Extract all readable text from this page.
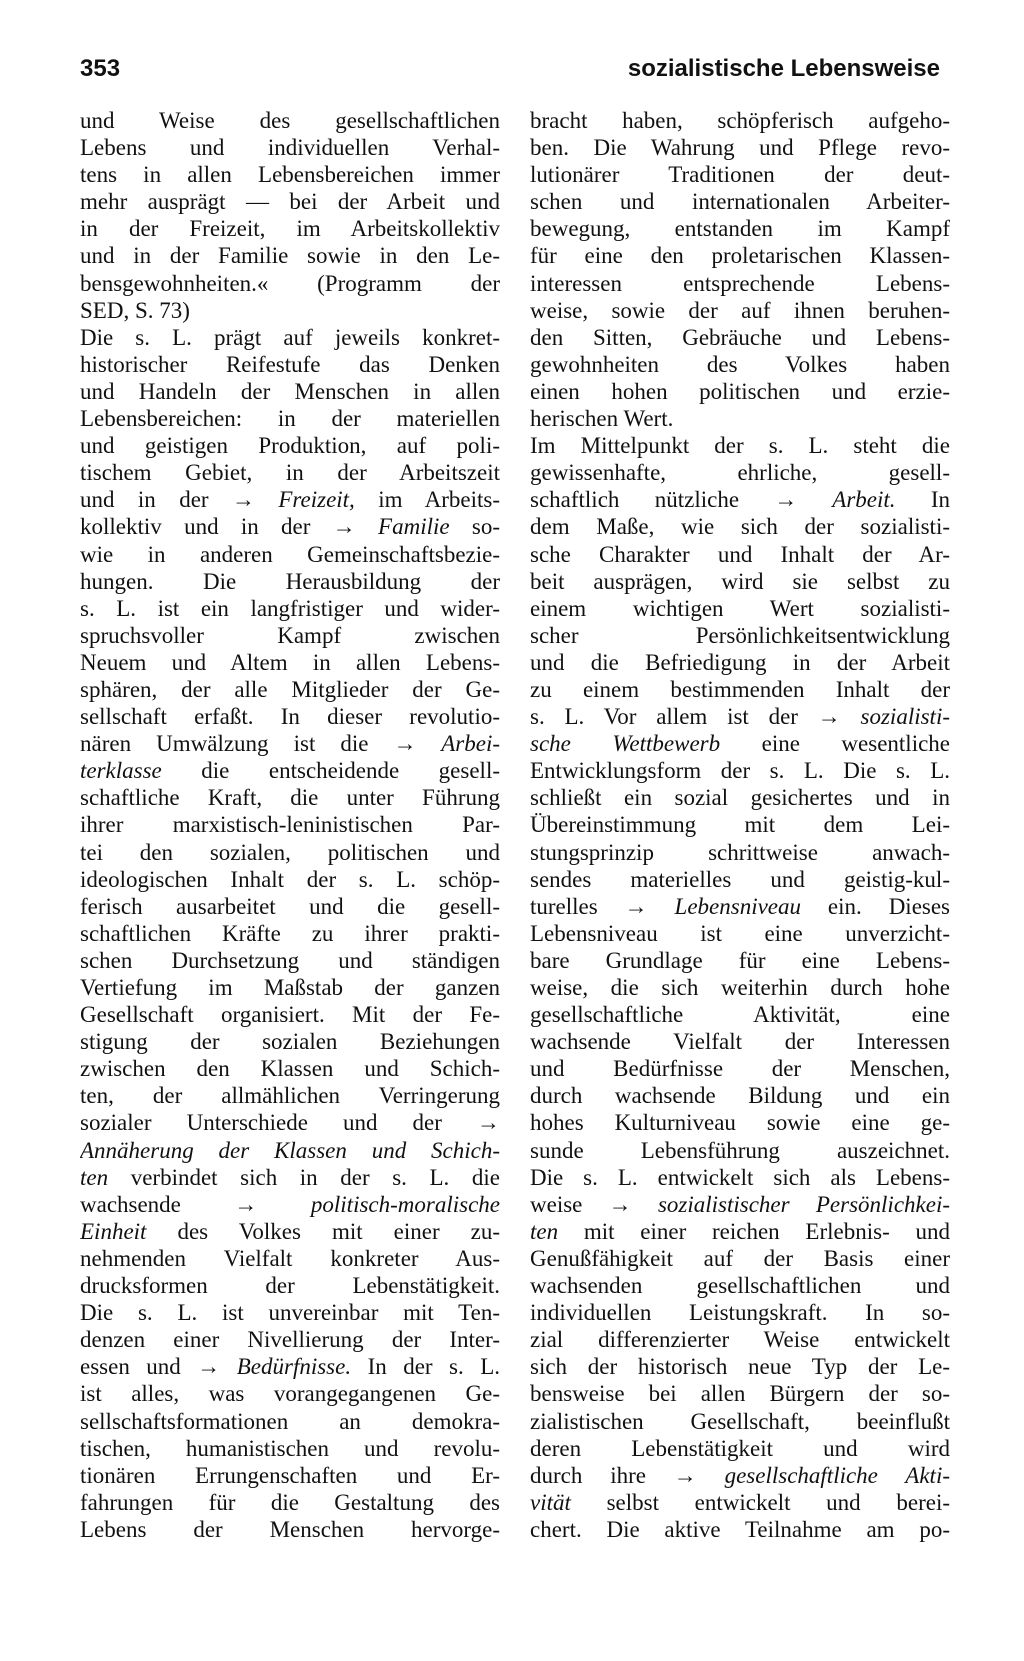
353	sozialistische Lebensweise
und Weise des gesellschaftlichen
Lebens und individuellen Verhal-
tens in allen Lebensbereichen immer
mehr ausprägt — bei der Arbeit und
in der Freizeit, im Arbeitskollektiv
und in der Familie sowie in den Le-
bensgewohnheiten.« (Programm der
SED, S. 73)
Die s. L. prägt auf jeweils konkret-
historischer Reifestufe das Denken
und Handeln der Menschen in allen
Lebensbereichen: in der materiellen
und geistigen Produktion, auf poli-
tischem Gebiet, in der Arbeitszeit
und in der → Freizeit, im Arbeits-
kollektiv und in der → Familie so-
wie in anderen Gemeinschaftsbezie-
hungen. Die Herausbildung der
s. L. ist ein langfristiger und wider-
spruchsvoller Kampf zwischen
Neuem und Altem in allen Lebens-
sphären, der alle Mitglieder der Ge-
sellschaft erfaßt. In dieser revolutio-
nären Umwälzung ist die → Arbei-
terklasse die entscheidende gesell-
schaftliche Kraft, die unter Führung
ihrer marxistisch-leninistischen Par-
tei den sozialen, politischen und
ideologischen Inhalt der s. L. schöp-
ferisch ausarbeitet und die gesell-
schaftlichen Kräfte zu ihrer prakti-
schen Durchsetzung und ständigen
Vertiefung im Maßstab der ganzen
Gesellschaft organisiert. Mit der Fe-
stigung der sozialen Beziehungen
zwischen den Klassen und Schich-
ten, der allmählichen Verringerung
sozialer Unterschiede und der →
Annäherung der Klassen und Schich-
ten verbindet sich in der s. L. die
wachsende → politisch-moralische
Einheit des Volkes mit einer zu-
nehmenden Vielfalt konkreter Aus-
drucksformen der Lebenstätigkeit.
Die s. L. ist unvereinbar mit Ten-
denzen einer Nivellierung der Inter-
essen und → Bedürfnisse. In der s. L.
ist alles, was vorangegangenen Ge-
sellschaftsformationen an demokra-
tischen, humanistischen und revolu-
tionären Errungenschaften und Er-
fahrungen für die Gestaltung des
Lebens der Menschen hervorge-
bracht haben, schöpferisch aufgeho-
ben. Die Wahrung und Pflege revo-
lutionärer Traditionen der deut-
schen und internationalen Arbeiter-
bewegung, entstanden im Kampf
für eine den proletarischen Klassen-
interessen entsprechende Lebens-
weise, sowie der auf ihnen beruhen-
den Sitten, Gebräuche und Lebens-
gewohnheiten des Volkes haben
einen hohen politischen und erzie-
herischen Wert.
Im Mittelpunkt der s. L. steht die
gewissenhafte, ehrliche, gesell-
schaftlich nützliche → Arbeit. In
dem Maße, wie sich der sozialisti-
sche Charakter und Inhalt der Ar-
beit ausprägen, wird sie selbst zu
einem wichtigen Wert sozialisti-
scher Persönlichkeitsentwicklung
und die Befriedigung in der Arbeit
zu einem bestimmenden Inhalt der
s. L. Vor allem ist der → sozialisti-
sche Wettbewerb eine wesentliche
Entwicklungsform der s. L. Die s. L.
schließt ein sozial gesichertes und in
Übereinstimmung mit dem Lei-
stungsprinzip schrittweise anwach-
sendes materielles und geistig-kul-
turelles → Lebensniveau ein. Dieses
Lebensniveau ist eine unverzicht-
bare Grundlage für eine Lebens-
weise, die sich weiterhin durch hohe
gesellschaftliche Aktivität, eine
wachsende Vielfalt der Interessen
und Bedürfnisse der Menschen,
durch wachsende Bildung und ein
hohes Kulturniveau sowie eine ge-
sunde Lebensführung auszeichnet.
Die s. L. entwickelt sich als Lebens-
weise → sozialistischer Persönlichkei-
ten mit einer reichen Erlebnis- und
Genußfähigkeit auf der Basis einer
wachsenden gesellschaftlichen und
individuellen Leistungskraft. In so-
zial differenzierter Weise entwickelt
sich der historisch neue Typ der Le-
bensweise bei allen Bürgern der so-
zialistischen Gesellschaft, beeinflußt
deren Lebenstätigkeit und wird
durch ihre → gesellschaftliche Akti-
vität selbst entwickelt und berei-
chert. Die aktive Teilnahme am po-
